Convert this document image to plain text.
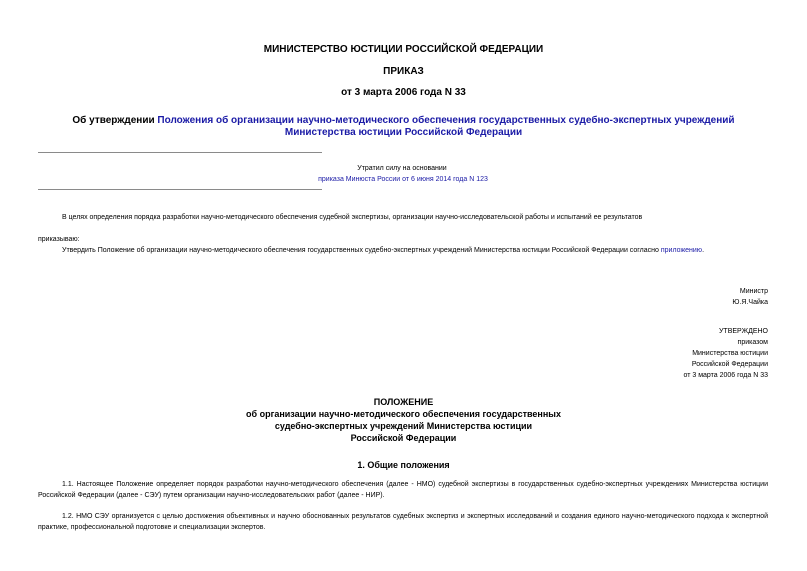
МИНИСТЕРСТВО ЮСТИЦИИ РОССИЙСКОЙ ФЕДЕРАЦИИ
ПРИКАЗ
от 3 марта 2006 года N 33
Об утверждении Положения об организации научно-методического обеспечения государственных судебно-экспертных учреждений Министерства юстиции Российской Федерации
Утратил силу на основании
приказа Минюста России от 6 июня 2014 года N 123
В целях определения порядка разработки научно-методического обеспечения судебной экспертизы, организации научно-исследовательской работы и испытаний ее результатов
приказываю:
Утвердить Положение об организации научно-методического обеспечения государственных судебно-экспертных учреждений Министерства юстиции Российской Федерации согласно приложению.
Министр
Ю.Я.Чайка
УТВЕРЖДЕНО
приказом
Министерства юстиции
Российской Федерации
от 3 марта 2006 года N 33
ПОЛОЖЕНИЕ
об организации научно-методического обеспечения государственных
судебно-экспертных учреждений Министерства юстиции
Российской Федерации
1. Общие положения
1.1. Настоящее Положение определяет порядок разработки научно-методического обеспечения (далее - НМО) судебной экспертизы в государственных судебно-экспертных учреждениях Министерства юстиции Российской Федерации (далее - СЭУ) путем организации научно-исследовательских работ (далее - НИР).
1.2. НМО СЭУ организуется с целью достижения объективных и научно обоснованных результатов судебных экспертиз и экспертных исследований и создания единого научно-методического подхода к экспертной практике, профессиональной подготовке и специализации экспертов.
